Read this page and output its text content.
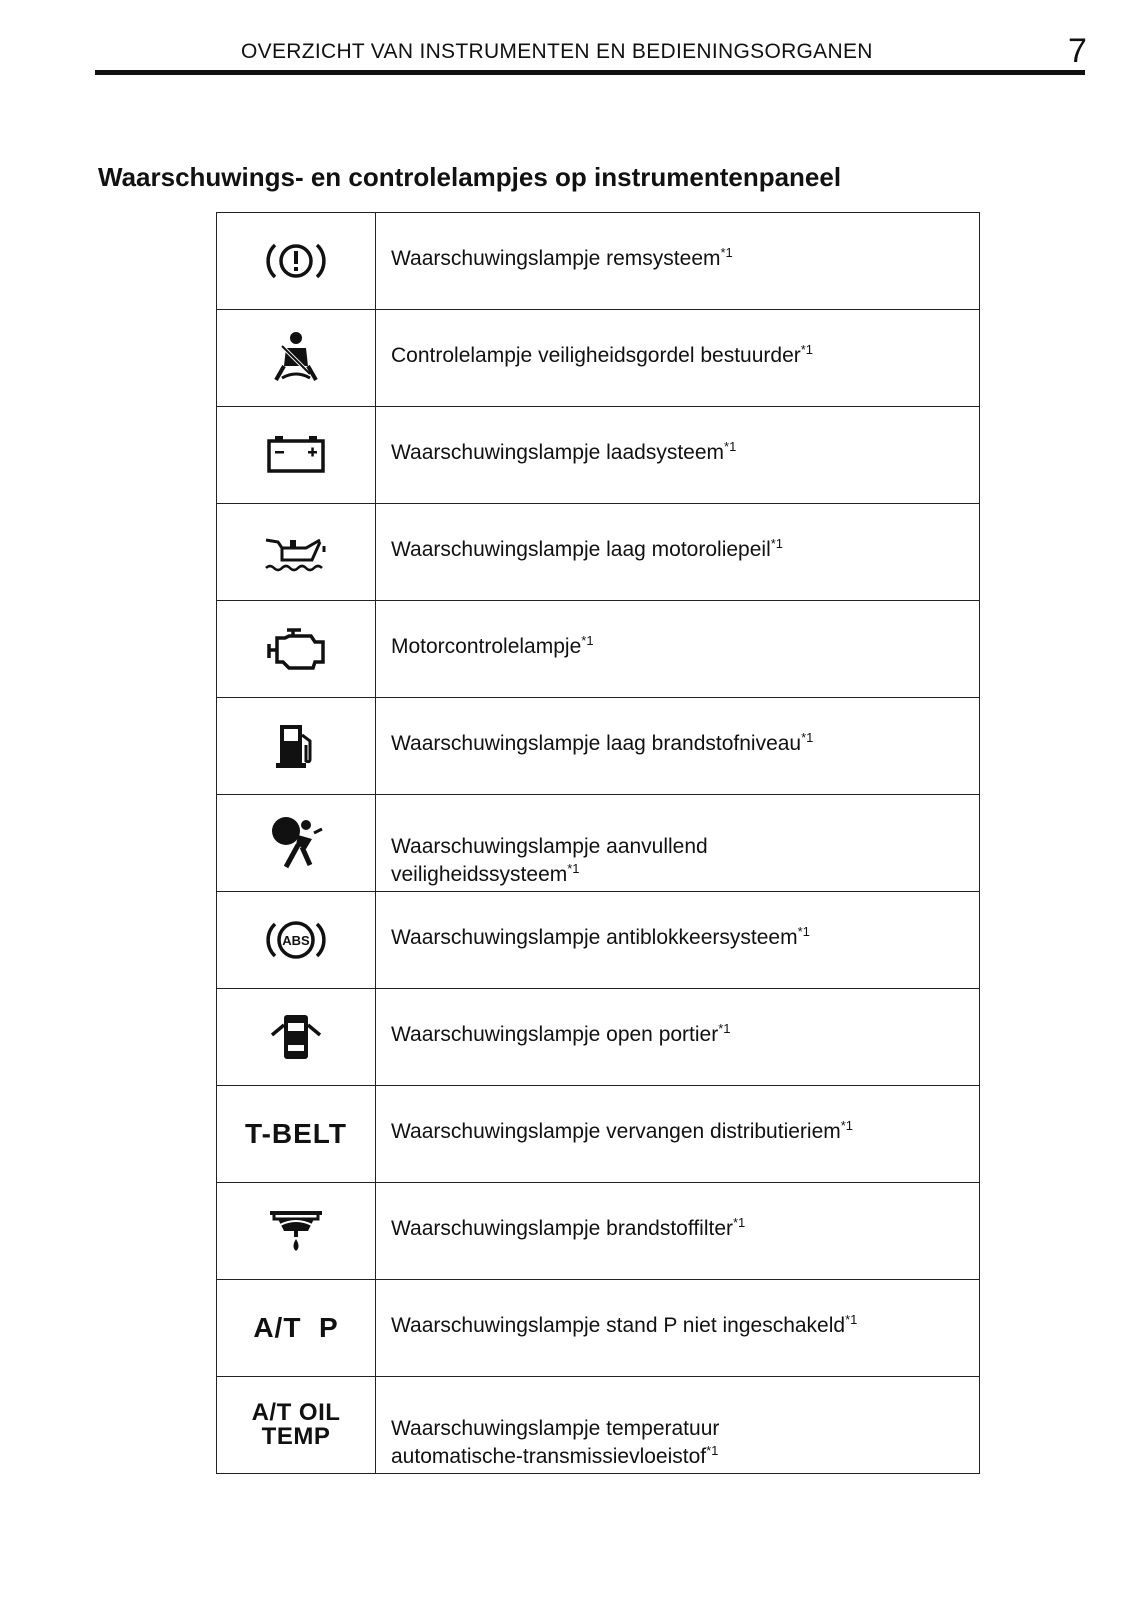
OVERZICHT VAN INSTRUMENTEN EN BEDIENINGSORGANEN	7
Waarschuwings- en controlelampjes op instrumentenpaneel

Waarschuwingslampje remsysteem$^{*1}$

Controlelampje veiligheidsgordel bestuurder$^{*1}$

Waarschuwingslampje laadsysteem$^{*1}$

Waarschuwingslampje laag motoroliepeil$^{*1}$

Motorcontrolelampje$^{*1}$

Waarschuwingslampje laag brandstofniveau$^{*1}$

Waarschuwingslampje aanvullend
veiligheidssysteem$^{*1}$

ABS	Waarschuwingslampje antiblokkeersysteem$^{*1}$

Waarschuwingslampje open portier$^{*1}$

T-BELT	Waarschuwingslampje vervangen distributieriem$^{*1}$

Waarschuwingslampje brandstoffilter$^{*1}$

A/T  P	Waarschuwingslampje stand P niet ingeschakeld$^{*1}$

A/T OIL
TEMP	Waarschuwingslampje temperatuur
automatische-transmissievloeistof$^{*1}$
